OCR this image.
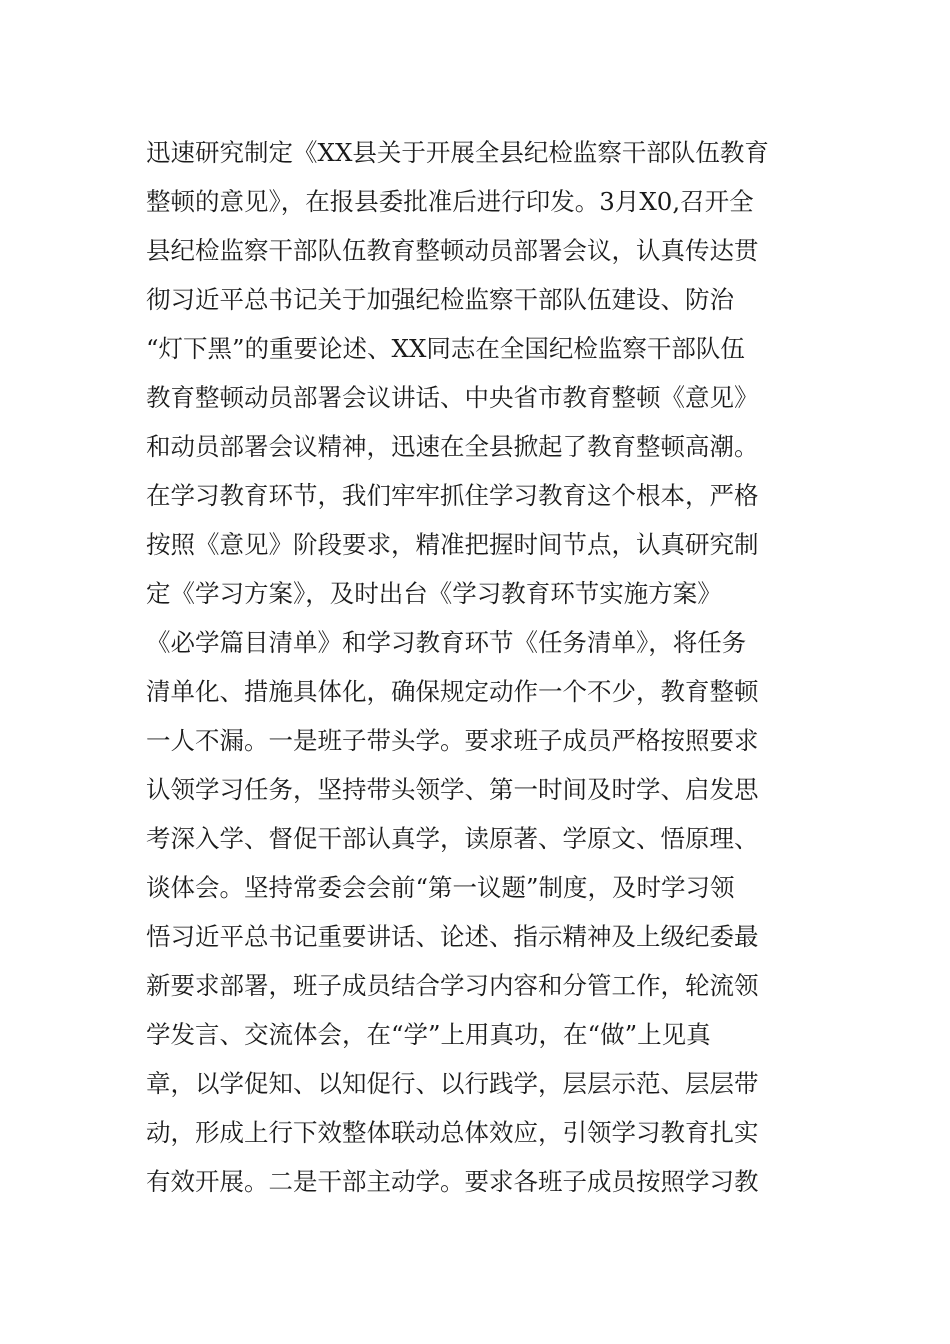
迅速研究制定《XX县关于开展全县纪检监察干部队伍教育
整顿的意见》，在报县委批准后进行印发。3月X0,召开全
县纪检监察干部队伍教育整顿动员部署会议，认真传达贯
彻习近平总书记关于加强纪检监察干部队伍建设、防治
“灯下黑”的重要论述、XX同志在全国纪检监察干部队伍
教育整顿动员部署会议讲话、中央省市教育整顿《意见》
和动员部署会议精神，迅速在全县掀起了教育整顿高潮。
在学习教育环节，我们牢牢抓住学习教育这个根本，严格
按照《意见》阶段要求，精准把握时间节点，认真研究制
定《学习方案》，及时出台《学习教育环节实施方案》
《必学篇目清单》和学习教育环节《任务清单》，将任务
清单化、措施具体化，确保规定动作一个不少，教育整顿
一人不漏。一是班子带头学。要求班子成员严格按照要求
认领学习任务，坚持带头领学、第一时间及时学、启发思
考深入学、督促干部认真学，读原著、学原文、悟原理、
谈体会。坚持常委会会前“第一议题”制度，及时学习领
悟习近平总书记重要讲话、论述、指示精神及上级纪委最
新要求部署，班子成员结合学习内容和分管工作，轮流领
学发言、交流体会，在“学”上用真功，在“做”上见真
章，以学促知、以知促行、以行践学，层层示范、层层带
动，形成上行下效整体联动总体效应，引领学习教育扎实
有效开展。二是干部主动学。要求各班子成员按照学习教
